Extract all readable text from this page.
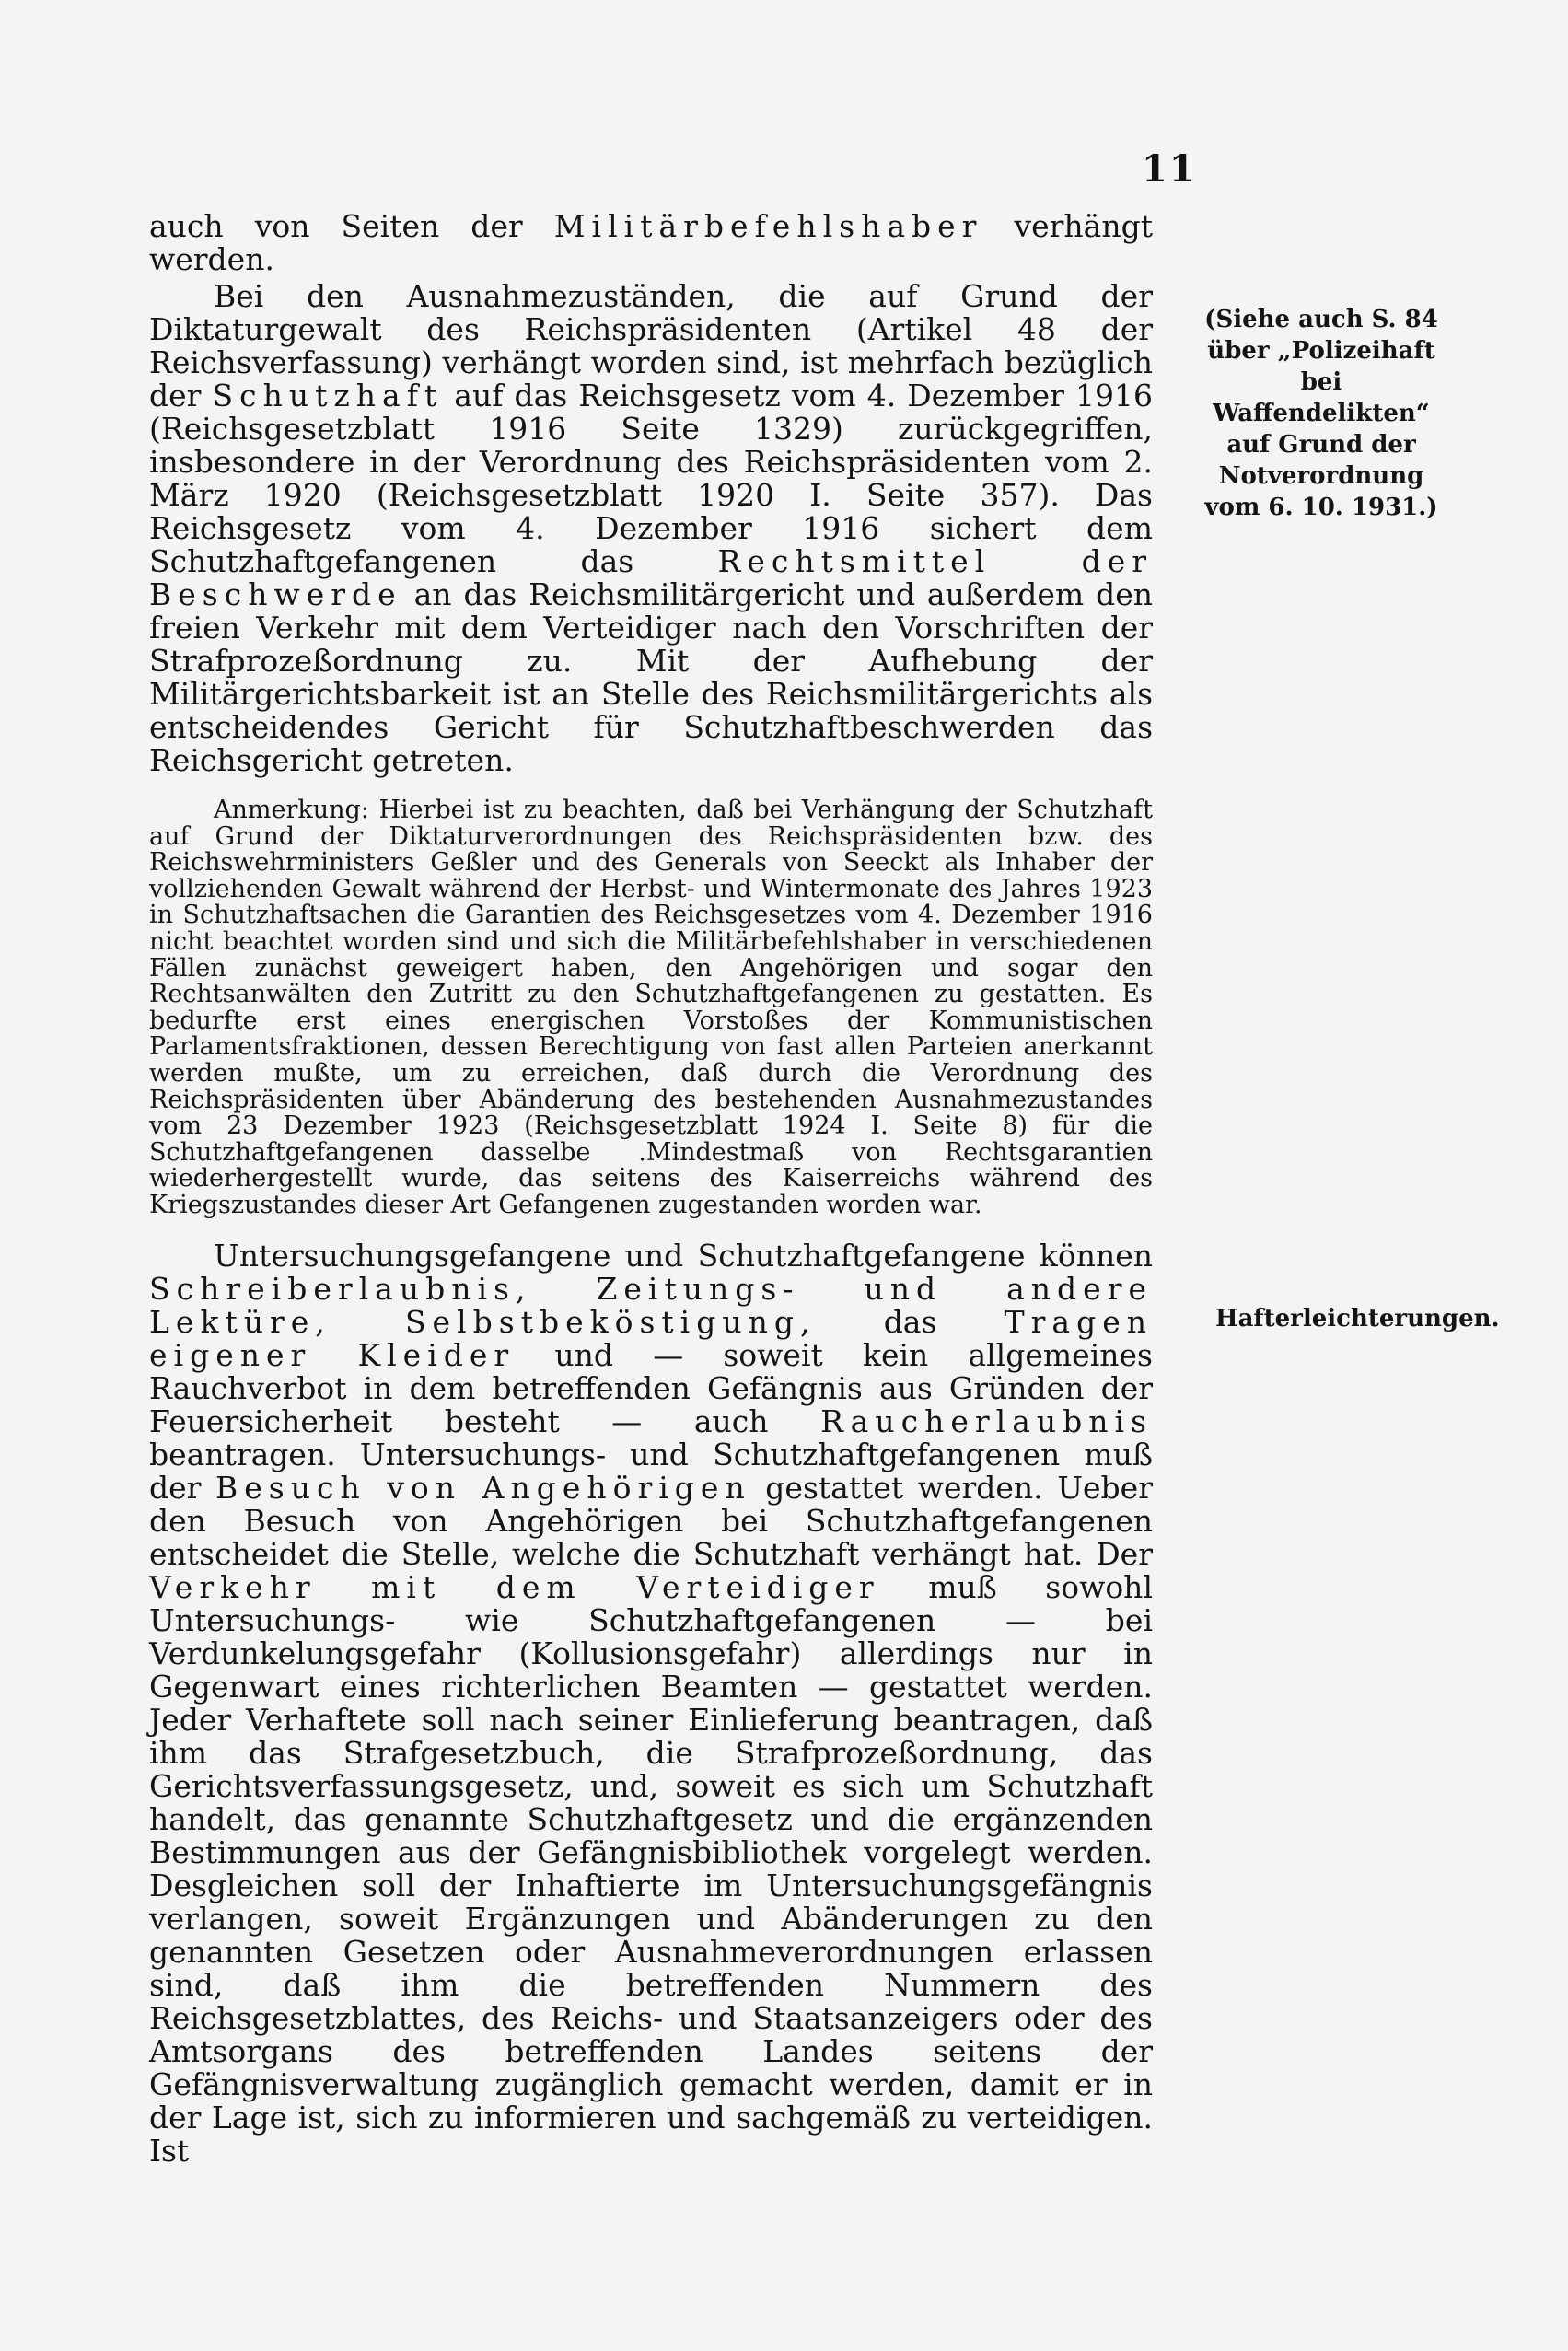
11

auch von Seiten der Militärbefehlshaber verhängt werden.

Bei den Ausnahmezuständen, die auf Grund der Diktaturgewalt des Reichspräsidenten (Artikel 48 der Reichsverfassung) verhängt worden sind, ist mehrfach bezüglich der Schutzhaft auf das Reichsgesetz vom 4. Dezember 1916 (Reichsgesetzblatt 1916 Seite 1329) zurückgegriffen, insbesondere in der Verordnung des Reichspräsidenten vom 2. März 1920 (Reichsgesetzblatt 1920 I. Seite 357). Das Reichsgesetz vom 4. Dezember 1916 sichert dem Schutzhaftgefangenen das	Rechtsmittel der Beschwerde an das Reichsmilitärgericht und außerdem den freien Verkehr mit dem Verteidiger nach den Vorschriften der Strafprozeßordnung zu. Mit der Aufhebung der Militärgerichtsbarkeit ist an Stelle des Reichsmilitärgerichts als entscheidendes Gericht für Schutzhaftbeschwerden das Reichsgericht getreten.

Anmerkung: Hierbei ist zu beachten, daß bei Verhängung der Schutzhaft auf Grund der Diktaturverordnungen des Reichspräsidenten bzw. des Reichswehrministers Geßler und des Generals von Seeckt als Inhaber der vollziehenden Gewalt während der Herbst- und Wintermonate des Jahres 1923 in Schutzhaftsachen die Garantien des Reichsgesetzes vom 4. Dezember 1916 nicht beachtet worden sind und sich die Militärbefehlshaber in verschiedenen Fällen zunächst geweigert haben, den Angehörigen und sogar den Rechtsanwälten den Zutritt zu den Schutzhaftgefangenen zu gestatten. Es bedurfte erst eines energischen Vorstoßes der Kommunistischen Parlamentsfraktionen, dessen Berechtigung von fast allen Parteien anerkannt werden mußte, um zu erreichen, daß durch die Verordnung des Reichspräsidenten über Abänderung des bestehenden Ausnahmezustandes vom 23 Dezember 1923 (Reichsgesetzblatt 1924 I. Seite 8) für die Schutzhaftgefangenen dasselbe .Mindestmaß von Rechtsgarantien wiederhergestellt wurde, das seitens des Kaiserreichs während des Kriegszustandes dieser Art Gefangenen zugestanden worden war.

Untersuchungsgefangene und Schutzhaftgefangene können Schreiberlaubnis, Zeitungs- und andere Lektüre, Selbstbeköstigung, das Tragen eigener Kleider und — soweit kein allgemeines Rauchverbot in dem betreffenden Gefängnis aus Gründen der Feuersicherheit besteht — auch Raucherlaubnis beantragen. Untersuchungs- und Schutzhaftgefangenen muß der Besuch von Angehörigen gestattet werden. Ueber den Besuch von Angehörigen bei Schutzhaftgefangenen entscheidet die Stelle, welche die Schutzhaft verhängt hat. Der Verkehr mit dem Verteidiger muß sowohl Untersuchungs- wie Schutzhaftgefangenen — bei Verdunkelungsgefahr (Kollusionsgefahr) allerdings nur in Gegenwart eines richterlichen Beamten — gestattet werden. Jeder Verhaftete soll nach seiner Einlieferung beantragen, daß ihm das Strafgesetzbuch, die Strafprozeßordnung, das Gerichtsverfassungsgesetz, und, soweit es sich um Schutzhaft handelt, das genannte Schutzhaftgesetz und die ergänzenden Bestimmungen aus der Gefängnisbibliothek vorgelegt werden. Desgleichen soll der Inhaftierte im Untersuchungsgefängnis verlangen, soweit Ergänzungen und Abänderungen zu den genannten Gesetzen oder Ausnahmeverordnungen erlassen sind, daß ihm die betreffenden Nummern des Reichsgesetzblattes, des Reichs- und Staatsanzeigers oder des Amtsorgans des betreffenden Landes seitens der Gefängnisverwaltung zugänglich gemacht werden, damit er in der Lage ist, sich zu informieren und sachgemäß zu verteidigen. Ist

(Siehe auch S. 84 über „Polizeihaft bei Waffendelikten“ auf Grund der Notverordnung vom 6. 10. 1931.)
Hafterleichterungen.
